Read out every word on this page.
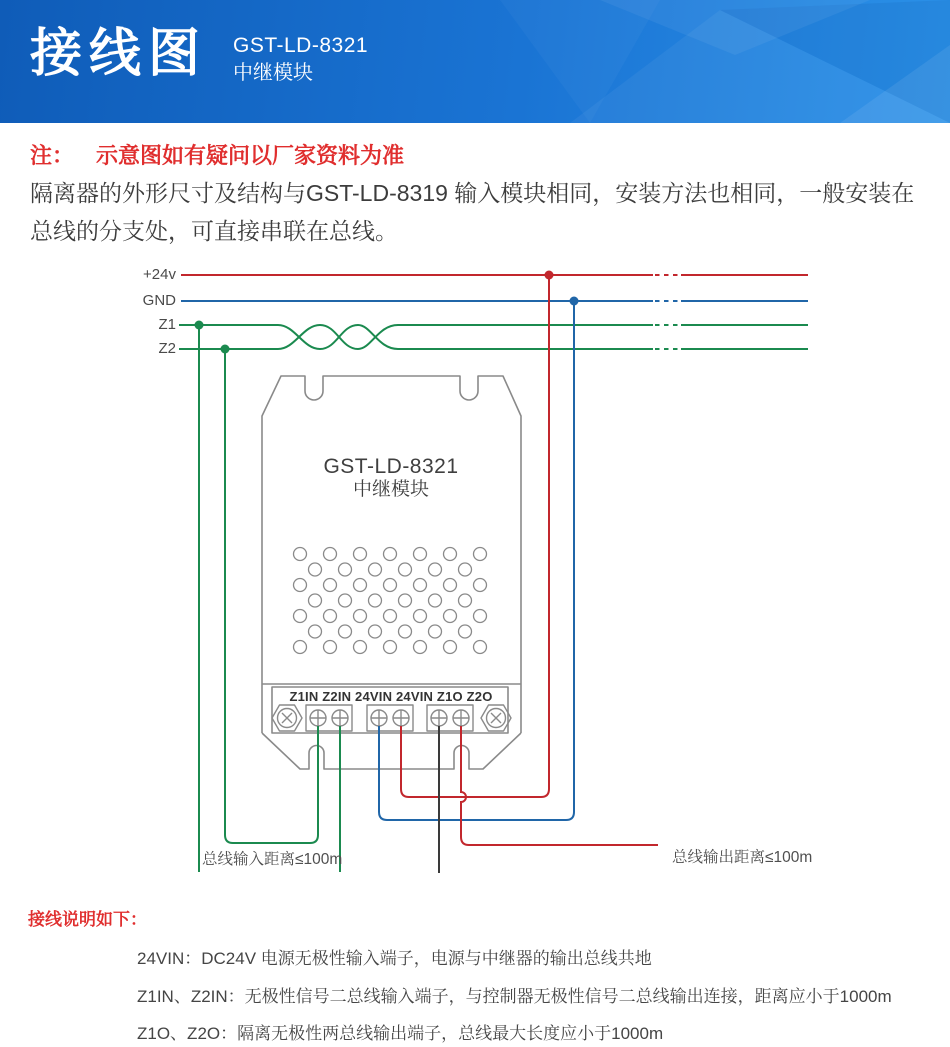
接线图 GST-LD-8321
中继模块
注： 示意图如有疑问以厂家资料为准
隔离器的外形尺寸及结构与GST-LD-8319 输入模块相同，安装方法也相同，一般安装在总线的分支处，可直接串联在总线。
+24v
GND
Z1
Z2
GST-LD-8321
中继模块
Z1IN Z2IN 24VIN 24VIN Z1O Z2O
总线输入距离≤100m	总线输出距离≤100m
接线说明如下：
24VIN：DC24V 电源无极性输入端子，电源与中继器的输出总线共地
Z1IN、Z2IN：无极性信号二总线输入端子，与控制器无极性信号二总线输出连接，距离应小于1000m
Z1O、Z2O：隔离无极性两总线输出端子，总线最大长度应小于1000m
